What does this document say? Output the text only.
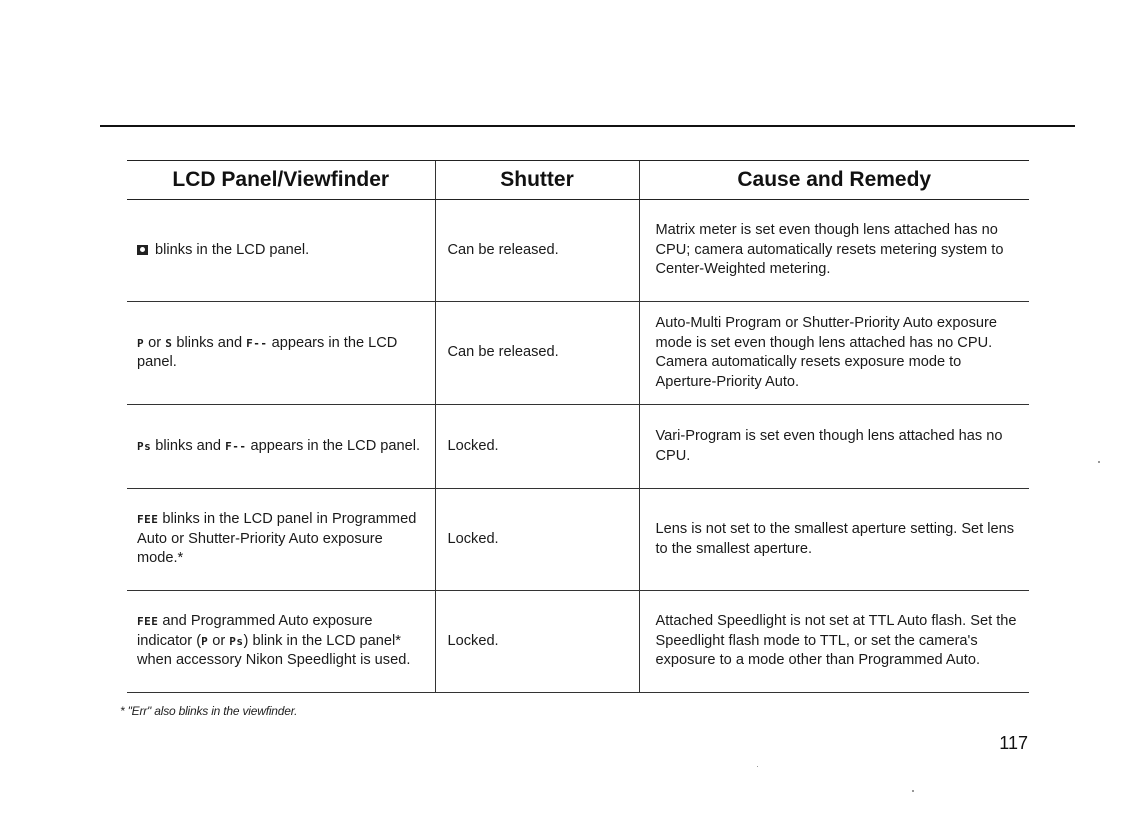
LCD Panel/Viewfinder	Shutter	Cause and Remedy
blinks in the LCD panel.	Can be released.	Matrix meter is set even though lens attached has no CPU; camera automatically resets metering system to Center-Weighted metering.
P or S blinks and F-- appears in the LCD panel.	Can be released.	Auto-Multi Program or Shutter-Priority Auto exposure mode is set even though lens attached has no CPU. Camera automatically resets exposure mode to Aperture-Priority Auto.
Ps blinks and F-- appears in the LCD panel.	Locked.	Vari-Program is set even though lens attached has no CPU.
FEE blinks in the LCD panel in Programmed Auto or Shutter-Priority Auto exposure mode.*	Locked.	Lens is not set to the smallest aperture setting. Set lens to the smallest aperture.
FEE and Programmed Auto exposure indicator (P or Ps) blink in the LCD panel* when accessory Nikon Speedlight is used.	Locked.	Attached Speedlight is not set at TTL Auto flash. Set the Speedlight flash mode to TTL, or set the camera's exposure to a mode other than Programmed Auto.
* "Err" also blinks in the viewfinder.
117
